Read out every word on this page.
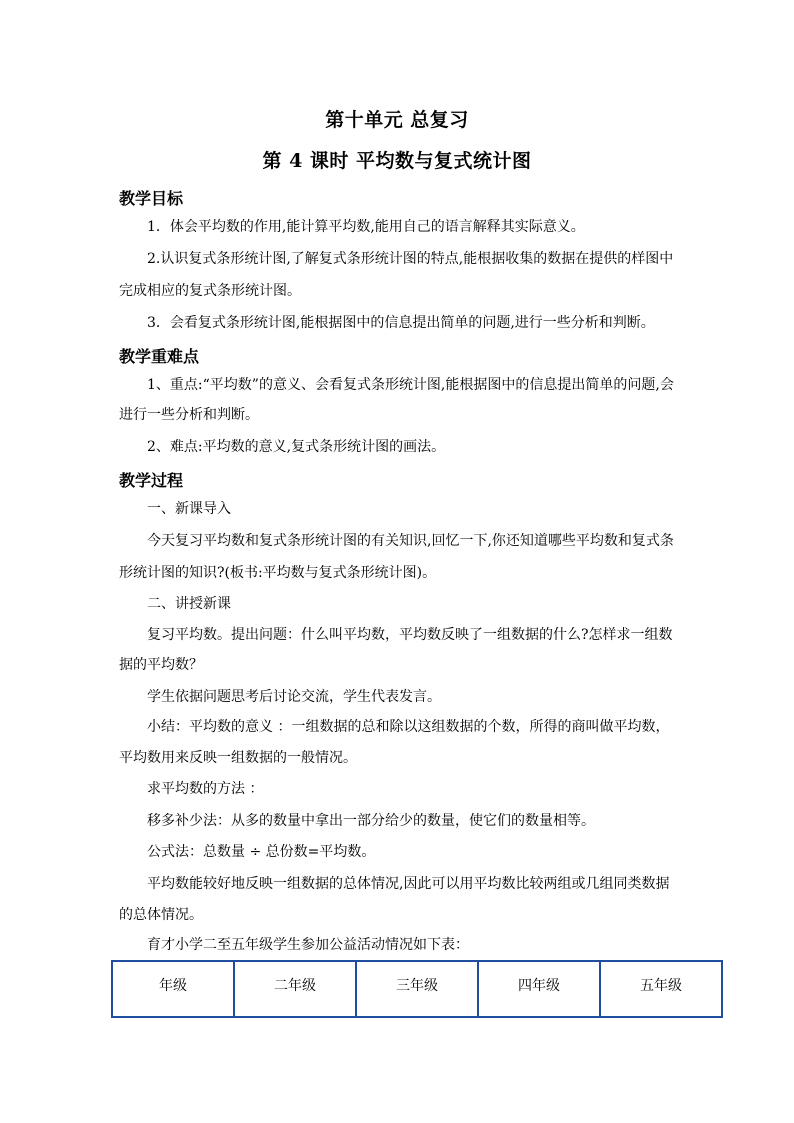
第十单元 总复习
第 4 课时 平均数与复式统计图
教学目标
1．体会平均数的作用,能计算平均数,能用自己的语言解释其实际意义。
2.认识复式条形统计图,了解复式条形统计图的特点,能根据收集的数据在提供的样图中
完成相应的复式条形统计图。
3．会看复式条形统计图,能根据图中的信息提出简单的问题,进行一些分析和判断。
教学重难点
1、重点:“平均数”的意义、会看复式条形统计图,能根据图中的信息提出简单的问题,会
进行一些分析和判断。
2、难点:平均数的意义,复式条形统计图的画法。
教学过程
一、新课导入
今天复习平均数和复式条形统计图的有关知识,回忆一下,你还知道哪些平均数和复式条
形统计图的知识?(板书:平均数与复式条形统计图)。
二、讲授新课
复习平均数。提出问题：什么叫平均数，平均数反映了一组数据的什么?怎样求一组数
据的平均数？
学生依据问题思考后讨论交流，学生代表发言。
小结：平均数的意义 ：一组数据的总和除以这组数据的个数，所得的商叫做平均数，
平均数用来反映一组数据的一般情况。
求平均数的方法 ：
移多补少法：从多的数量中拿出一部分给少的数量，使它们的数量相等。
公式法：总数量 ÷ 总份数=平均数。
平均数能较好地反映一组数据的总体情况,因此可以用平均数比较两组或几组同类数据
的总体情况。
育才小学二至五年级学生参加公益活动情况如下表：
年级	二年级	三年级	四年级	五年级
